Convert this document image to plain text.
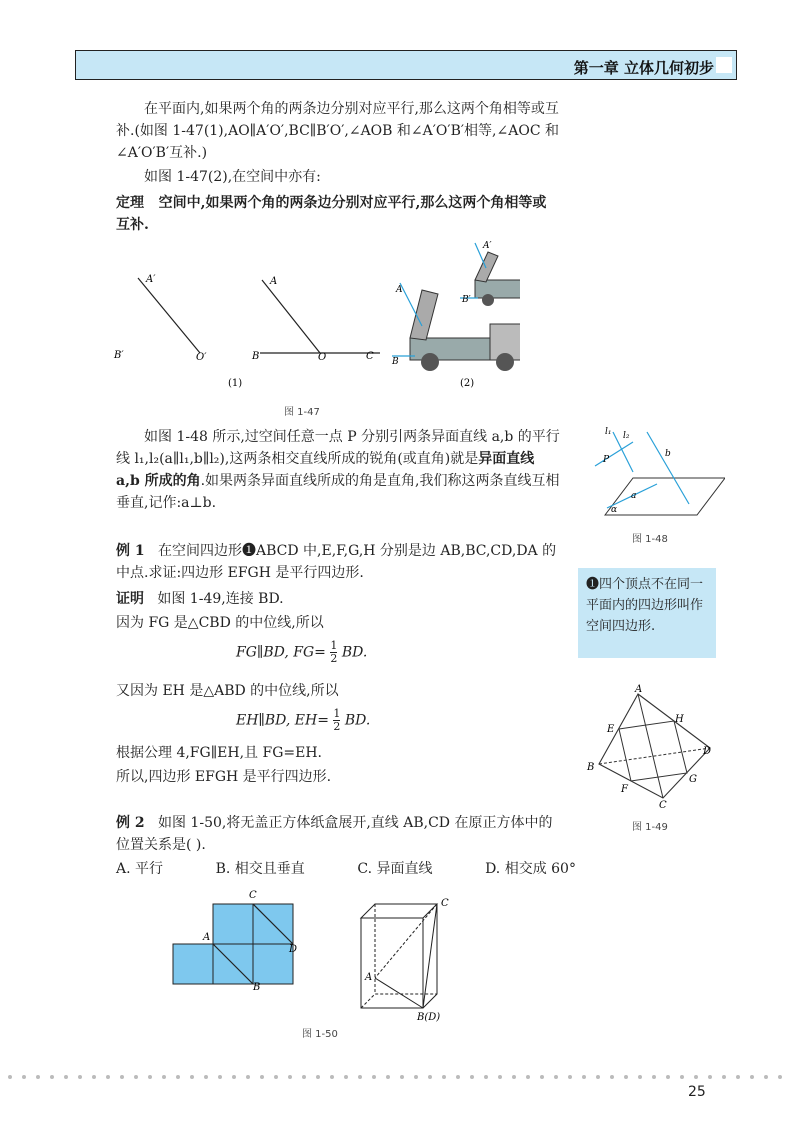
第一章 立体几何初步
在平面内,如果两个角的两条边分别对应平行,那么这两个角相等或互补.(如图 1-47(1),AO∥A′O′,BC∥B′O′,∠AOB 和∠A′O′B′相等,∠AOC 和∠A′O′B′互补.)
如图 1-47(2),在空间中亦有:
定理 空间中,如果两个角的两条边分别对应平行,那么这两个角相等或互补.
A′
B′	O′
A
B	O	C
(1)	(2)
A′
B′
A
B
图 1-47
如图 1-48 所示,过空间任意一点 P 分别引两条异面直线 a,b 的平行线 l₁,l₂(a∥l₁,b∥l₂),这两条相交直线所成的锐角(或直角)就是异面直线 a,b 所成的角.如果两条异面直线所成的角是直角,我们称这两条直线互相垂直,记作:a⊥b.
l₁ l₂
b
P
a
α
图 1-48
例 1 在空间四边形❶ABCD 中,E,F,G,H 分别是边 AB,BC,CD,DA 的中点.求证:四边形 EFGH 是平行四边形.
证明 如图 1-49,连接 BD.
因为 FG 是△CBD 的中位线,所以
FG∥BD, $FG= \frac{1}{2}$ BD.
又因为 EH 是△ABD 的中位线,所以
EH∥BD, $EH= \frac{1}{2}$ BD.
根据公理 4,FG∥EH,且 FG=EH.
所以,四边形 EFGH 是平行四边形.
❶四个顶点不在同一平面内的四边形叫作空间四边形.
A
E
H
D
B
F
G
C
图 1-49
例 2 如图 1-50,将无盖正方体纸盒展开,直线 AB,CD 在原正方体中的位置关系是( ).
A. 平行	B. 相交且垂直	C. 异面直线	D. 相交成 60°
C
A
D
B
C
A
B(D)
图 1-50
25
